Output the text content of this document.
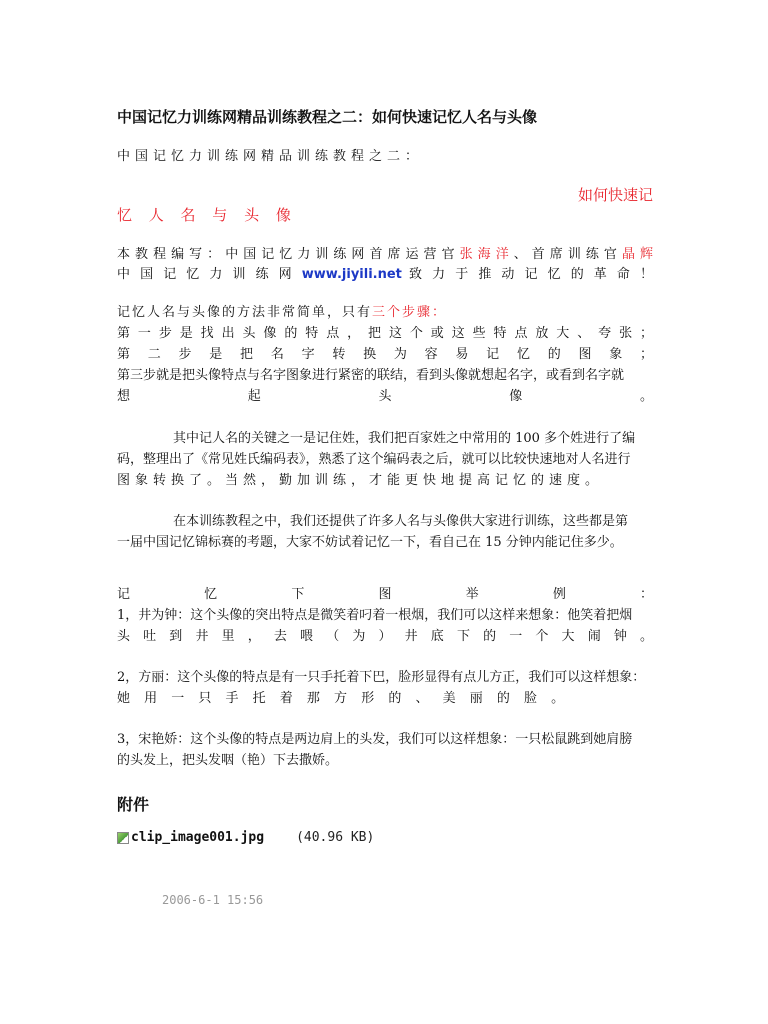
中国记忆力训练网精品训练教程之二：如何快速记忆人名与头像
中国记忆力训练网精品训练教程之二：
如何快速记
忆 人 名 与 头 像
本教程编写：中国记忆力训练网首席运营官张海洋、首席训练官晶辉
中 国 记 忆 力 训 练 网 www.jiyili.net 致 力 于 推 动 记 忆 的 革 命 ！
记忆人名与头像的方法非常简单，只有三个步骤：
第一步是找出头像的特点，把这个或这些特点放大、夸张；
第 二 步 是 把 名 字 转 换 为 容 易 记 忆 的 图 象 ；
第三步就是把头像特点与名字图象进行紧密的联结，看到头像就想起名字，或看到名字就
想 起 头 像 。
其中记人名的关键之一是记住姓，我们把百家姓之中常用的 100 多个姓进行了编
码，整理出了《常见姓氏编码表》，熟悉了这个编码表之后，就可以比较快速地对人名进行
图象转换了。当然，勤加训练，才能更快地提高记忆的速度。
在本训练教程之中，我们还提供了许多人名与头像供大家进行训练，这些都是第
一届中国记忆锦标赛的考题，大家不妨试着记忆一下，看自己在 15 分钟内能记住多少。
记 忆 下 图 举 例 ：
1，井为钟：这个头像的突出特点是微笑着叼着一根烟，我们可以这样来想象：他笑着把烟
头 吐 到 井 里 ， 去 喂 （ 为 ） 井 底 下 的 一 个 大 闹 钟 。
2，方丽：这个头像的特点是有一只手托着下巴，脸形显得有点儿方正，我们可以这样想象：
她 用 一 只 手 托 着 那 方 形 的 、 美 丽 的 脸 。
3，宋艳娇：这个头像的特点是两边肩上的头发，我们可以这样想象：一只松鼠跳到她肩膀
的头发上，把头发咽（艳）下去撒娇。
附件
clip_image001.jpg (40.96 KB)
2006-6-1 15:56
